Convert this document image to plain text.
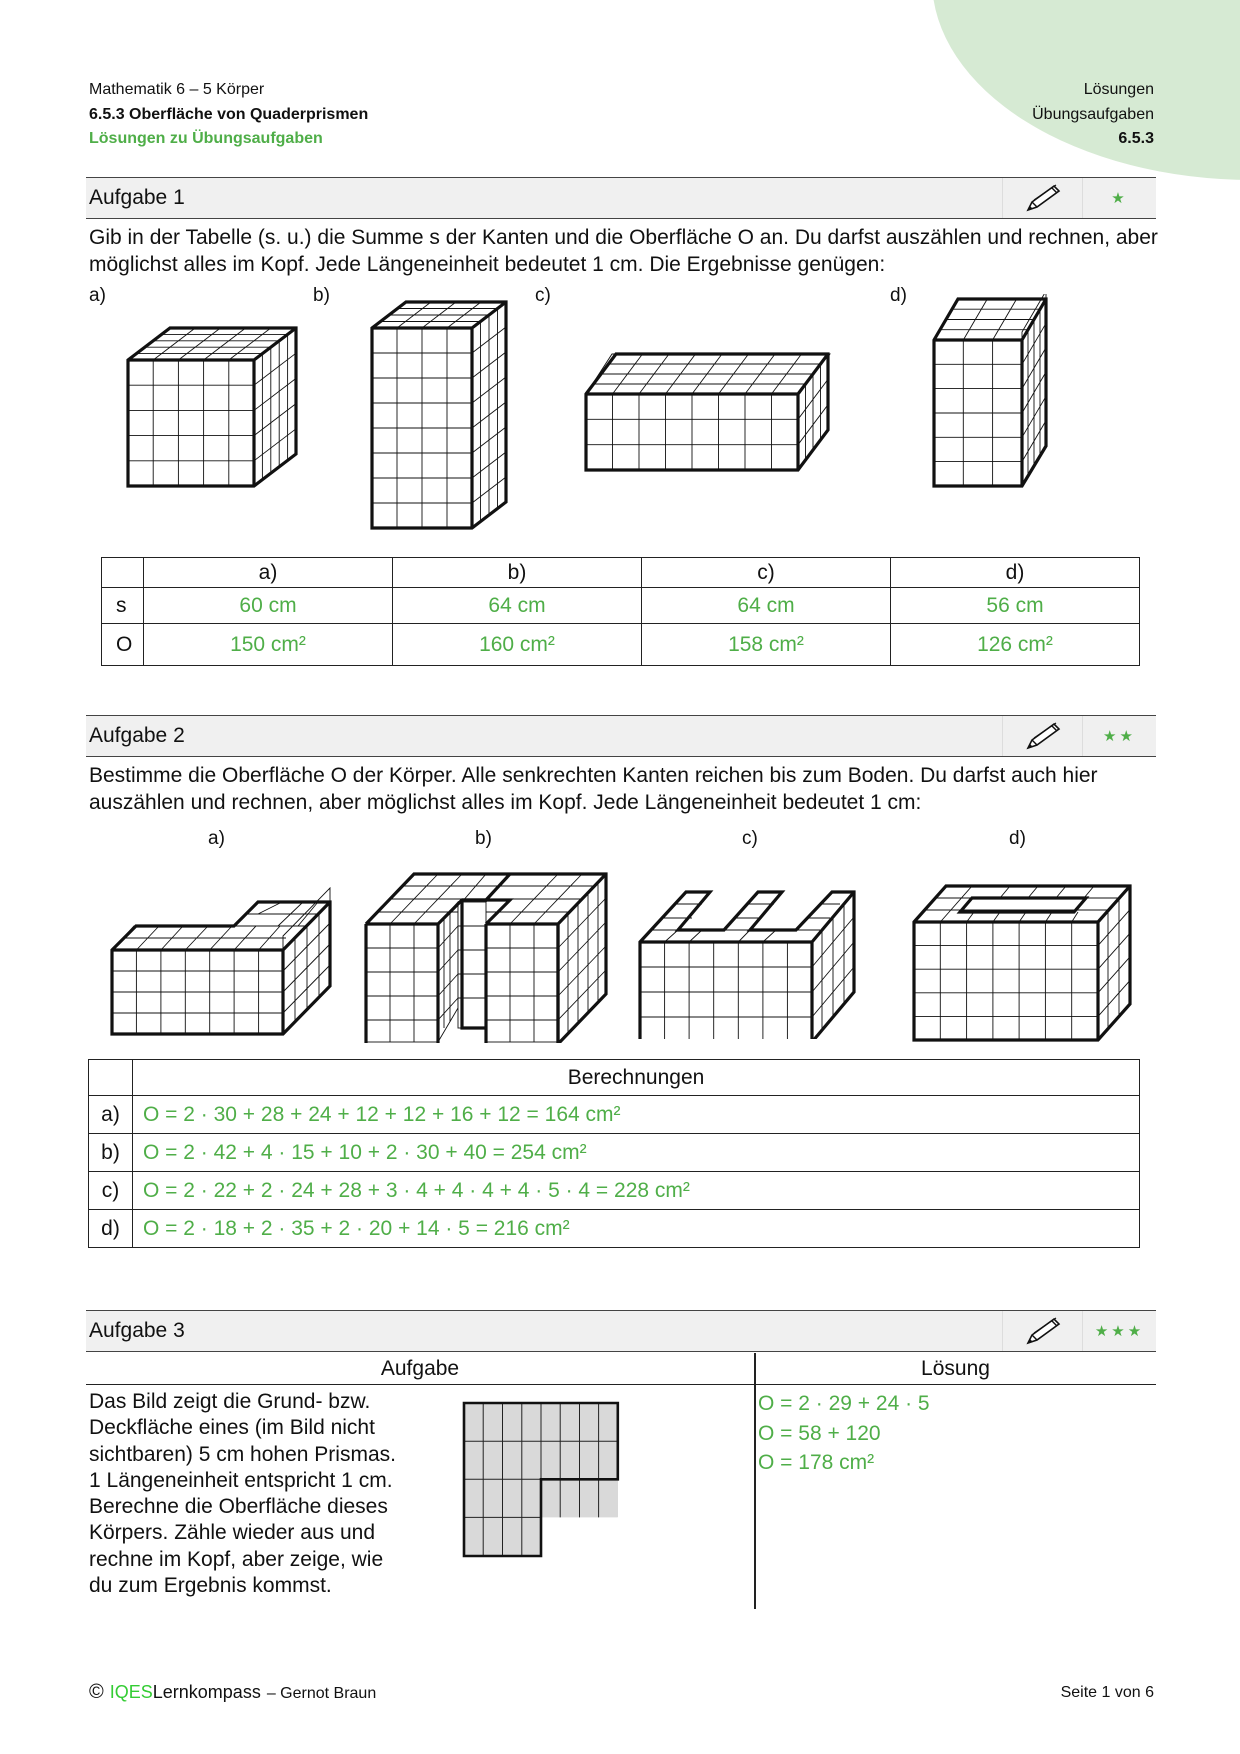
Mathematik 6 – 5 Körper
6.5.3 Oberfläche von Quaderprismen
Lösungen zu Übungsaufgaben
Lösungen
Übungsaufgaben
6.5.3
Aufgabe 1	★
Gib in der Tabelle (s. u.) die Summe s der Kanten und die Oberfläche O an. Du darfst auszählen und rechnen, aber möglichst alles im Kopf. Jede Längeneinheit bedeutet 1 cm. Die Ergebnisse genügen:
a)	b)	c)	d)
	a)	b)	c)	d)
s	60 cm	64 cm	64 cm	56 cm
O	150 cm²	160 cm²	158 cm²	126 cm²
Aufgabe 2	★★
Bestimme die Oberfläche O der Körper. Alle senkrechten Kanten reichen bis zum Boden. Du darfst auch hier auszählen und rechnen, aber möglichst alles im Kopf. Jede Längeneinheit bedeutet 1 cm:
a)	b)	c)	d)
	Berechnungen
a)	O = 2 · 30 + 28 + 24 + 12 + 12 + 16 + 12 = 164 cm²
b)	O = 2 · 42 + 4 · 15 + 10 + 2 · 30 + 40 = 254 cm²
c)	O = 2 · 22 + 2 · 24 + 28 + 3 · 4 + 4 · 4 + 4 · 5 · 4 = 228 cm²
d)	O = 2 · 18 + 2 · 35 + 2 · 20 + 14 · 5 = 216 cm²
Aufgabe 3	★★★
Aufgabe	Lösung
Das Bild zeigt die Grund- bzw.
Deckfläche eines (im Bild nicht
sichtbaren) 5 cm hohen Prismas.
1 Längeneinheit entspricht 1 cm.
Berechne die Oberfläche dieses
Körpers. Zähle wieder aus und
rechne im Kopf, aber zeige, wie
du zum Ergebnis kommst.
O = 2 · 29 + 24 · 5
O = 58 + 120
O = 178 cm²
© IQES Lernkompass – Gernot Braun	Seite 1 von 6
